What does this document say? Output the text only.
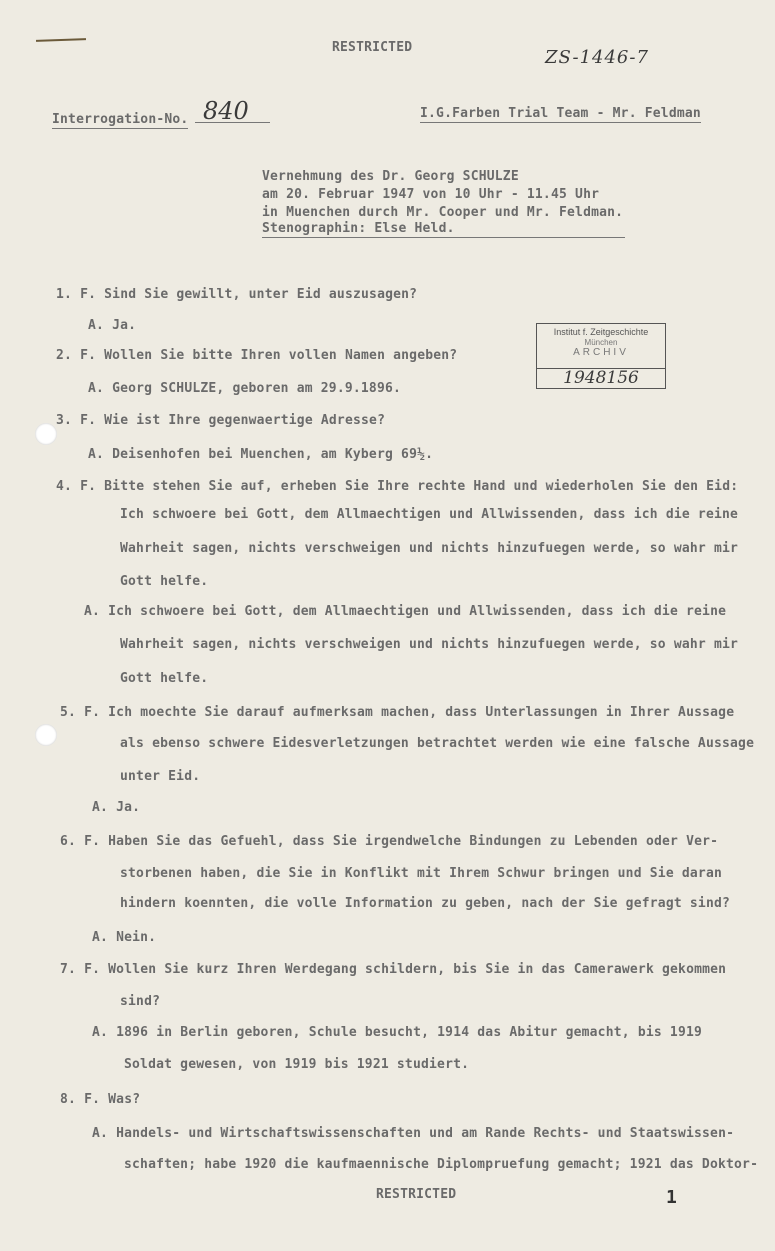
RESTRICTED	ZS-1446-7
Interrogation-No. 840	I.G.Farben Trial Team - Mr. Feldman
Vernehmung des Dr. Georg SCHULZE
am 20. Februar 1947 von 10 Uhr - 11.45 Uhr
in Muenchen durch Mr. Cooper und Mr. Feldman.
Stenographin: Else Held.
Institut f. Zeitgeschichte
München
ARCHIV
1948156
1. F. Sind Sie gewillt, unter Eid auszusagen?
A. Ja.
2. F. Wollen Sie bitte Ihren vollen Namen angeben?
A. Georg SCHULZE, geboren am 29.9.1896.
3. F. Wie ist Ihre gegenwaertige Adresse?
A. Deisenhofen bei Muenchen, am Kyberg 69½.
4. F. Bitte stehen Sie auf, erheben Sie Ihre rechte Hand und wiederholen Sie den Eid:
Ich schwoere bei Gott, dem Allmaechtigen und Allwissenden, dass ich die reine
Wahrheit sagen, nichts verschweigen und nichts hinzufuegen werde, so wahr mir
Gott helfe.
A. Ich schwoere bei Gott, dem Allmaechtigen und Allwissenden, dass ich die reine
Wahrheit sagen, nichts verschweigen und nichts hinzufuegen werde, so wahr mir
Gott helfe.
5. F. Ich moechte Sie darauf aufmerksam machen, dass Unterlassungen in Ihrer Aussage
als ebenso schwere Eidesverletzungen betrachtet werden wie eine falsche Aussage
unter Eid.
A. Ja.
6. F. Haben Sie das Gefuehl, dass Sie irgendwelche Bindungen zu Lebenden oder Ver-
storbenen haben, die Sie in Konflikt mit Ihrem Schwur bringen und Sie daran
hindern koennten, die volle Information zu geben, nach der Sie gefragt sind?
A. Nein.
7. F. Wollen Sie kurz Ihren Werdegang schildern, bis Sie in das Camerawerk gekommen
sind?
A. 1896 in Berlin geboren, Schule besucht, 1914 das Abitur gemacht, bis 1919
Soldat gewesen, von 1919 bis 1921 studiert.
8. F. Was?
A. Handels- und Wirtschaftswissenschaften und am Rande Rechts- und Staatswissen-
schaften; habe 1920 die kaufmaennische Diplompruefung gemacht; 1921 das Doktor-
RESTRICTED	1
